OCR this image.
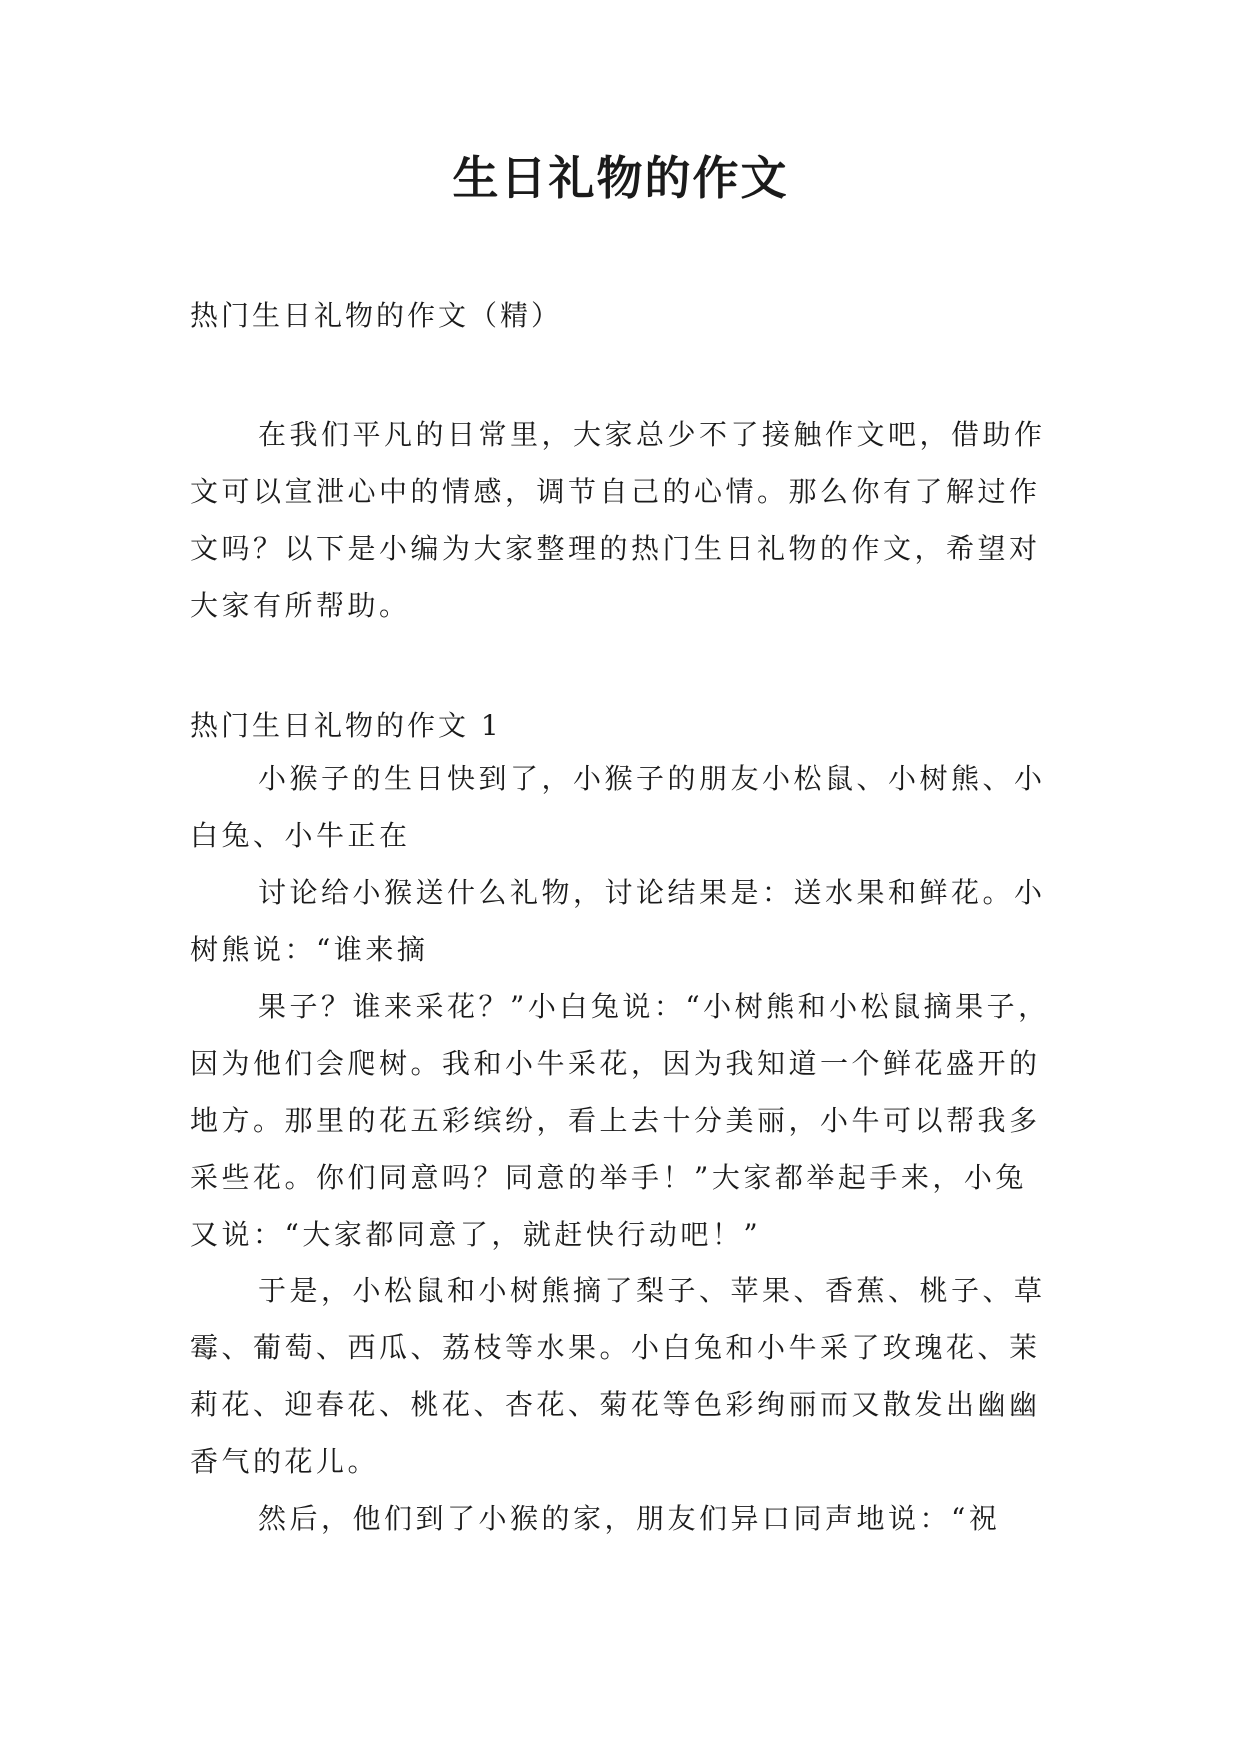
生日礼物的作文
热门生日礼物的作文（精）

在我们平凡的日常里，大家总少不了接触作文吧，借助作文可以宣泄心中的情感，调节自己的心情。那么你有了解过作文吗？以下是小编为大家整理的热门生日礼物的作文，希望对大家有所帮助。

热门生日礼物的作文 1

小猴子的生日快到了，小猴子的朋友小松鼠、小树熊、小白兔、小牛正在

讨论给小猴送什么礼物，讨论结果是：送水果和鲜花。小树熊说：“谁来摘

果子？谁来采花？”小白兔说：“小树熊和小松鼠摘果子，因为他们会爬树。我和小牛采花，因为我知道一个鲜花盛开的地方。那里的花五彩缤纷，看上去十分美丽，小牛可以帮我多采些花。你们同意吗？同意的举手！”大家都举起手来，小兔又说：“大家都同意了，就赶快行动吧！”

于是，小松鼠和小树熊摘了梨子、苹果、香蕉、桃子、草霉、葡萄、西瓜、荔枝等水果。小白兔和小牛采了玫瑰花、茉莉花、迎春花、桃花、杏花、菊花等色彩绚丽而又散发出幽幽香气的花儿。

然后，他们到了小猴的家，朋友们异口同声地说：“祝
